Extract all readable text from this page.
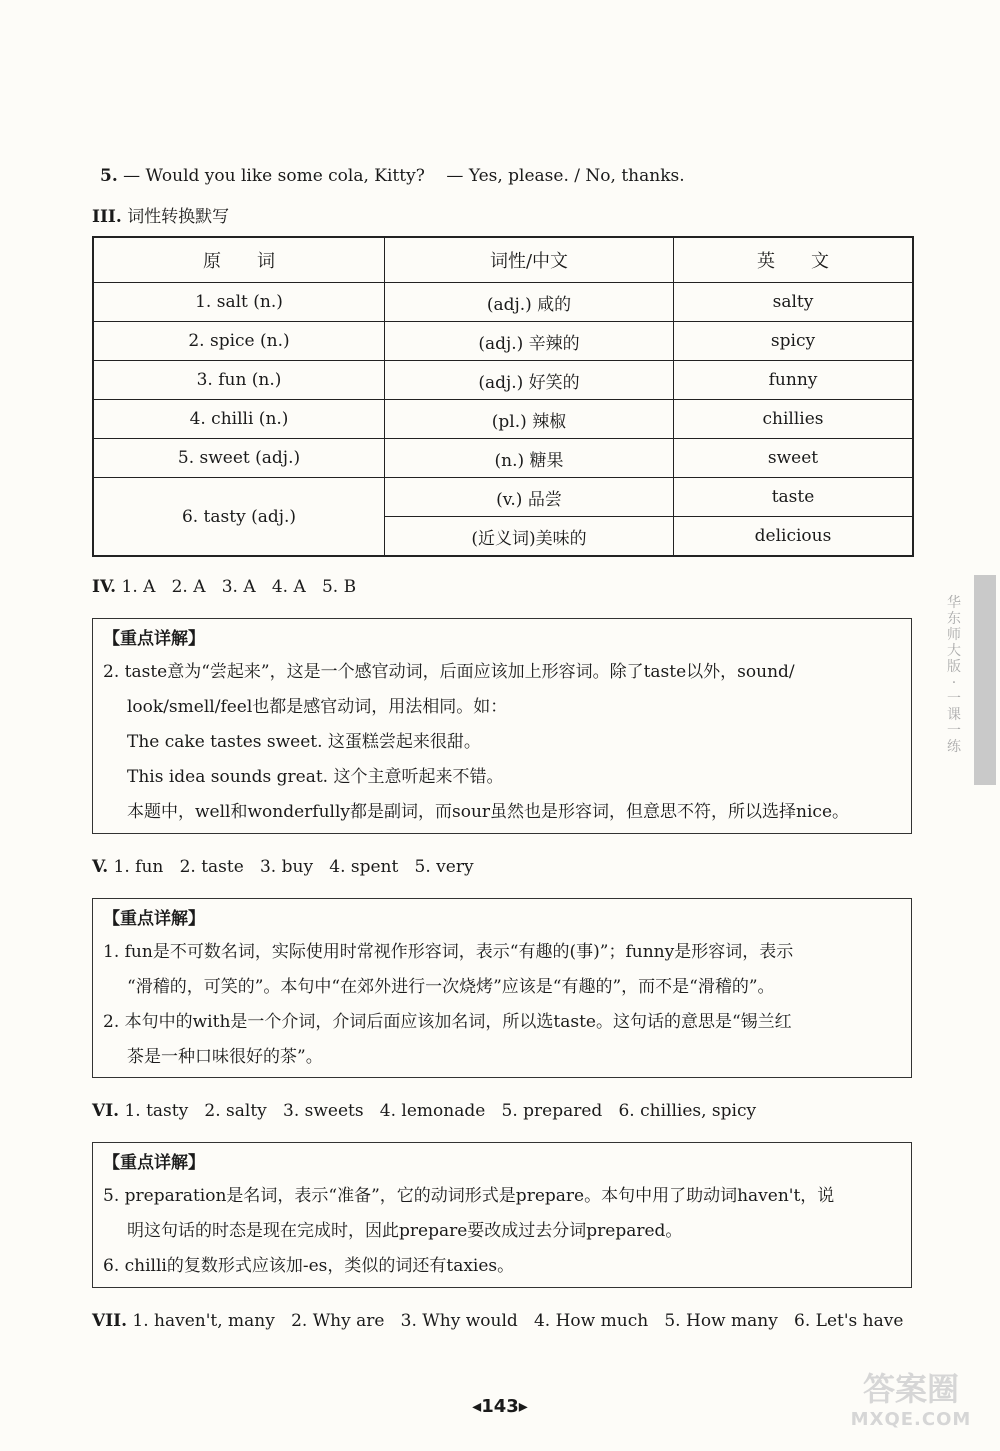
5. — Would you like some cola, Kitty?    — Yes, please. / No, thanks.
III. 词性转换默写
原　　词	词性/中文	英　　文
1. salt (n.)	(adj.) 咸的	salty
2. spice (n.)	(adj.) 辛辣的	spicy
3. fun (n.)	(adj.) 好笑的	funny
4. chilli (n.)	(pl.) 辣椒	chillies
5. sweet (adj.)	(n.) 糖果	sweet
6. tasty (adj.)	(v.) 品尝	taste
	(近义词)美味的	delicious
IV. 1. A   2. A   3. A   4. A   5. B
【重点详解】
2. taste意为“尝起来”，这是一个感官动词，后面应该加上形容词。除了taste以外，sound/
look/smell/feel也都是感官动词，用法相同。如：
The cake tastes sweet. 这蛋糕尝起来很甜。
This idea sounds great. 这个主意听起来不错。
本题中，well和wonderfully都是副词，而sour虽然也是形容词，但意思不符，所以选择nice。
V. 1. fun   2. taste   3. buy   4. spent   5. very
【重点详解】
1. fun是不可数名词，实际使用时常视作形容词，表示“有趣的(事)”；funny是形容词，表示
“滑稽的，可笑的”。本句中“在郊外进行一次烧烤”应该是“有趣的”，而不是“滑稽的”。
2. 本句中的with是一个介词，介词后面应该加名词，所以选taste。这句话的意思是“锡兰红
茶是一种口味很好的茶”。
VI. 1. tasty   2. salty   3. sweets   4. lemonade   5. prepared   6. chillies, spicy
【重点详解】
5. preparation是名词，表示“准备”，它的动词形式是prepare。本句中用了助动词haven't，说
明这句话的时态是现在完成时，因此prepare要改成过去分词prepared。
6. chilli的复数形式应该加-es，类似的词还有taxies。
VII. 1. haven't, many   2. Why are   3. Why would   4. How much   5. How many   6. Let's have
华
东
师
大
版
·
一
课
一
练
◂143▸	答案圈
MXQE.COM
